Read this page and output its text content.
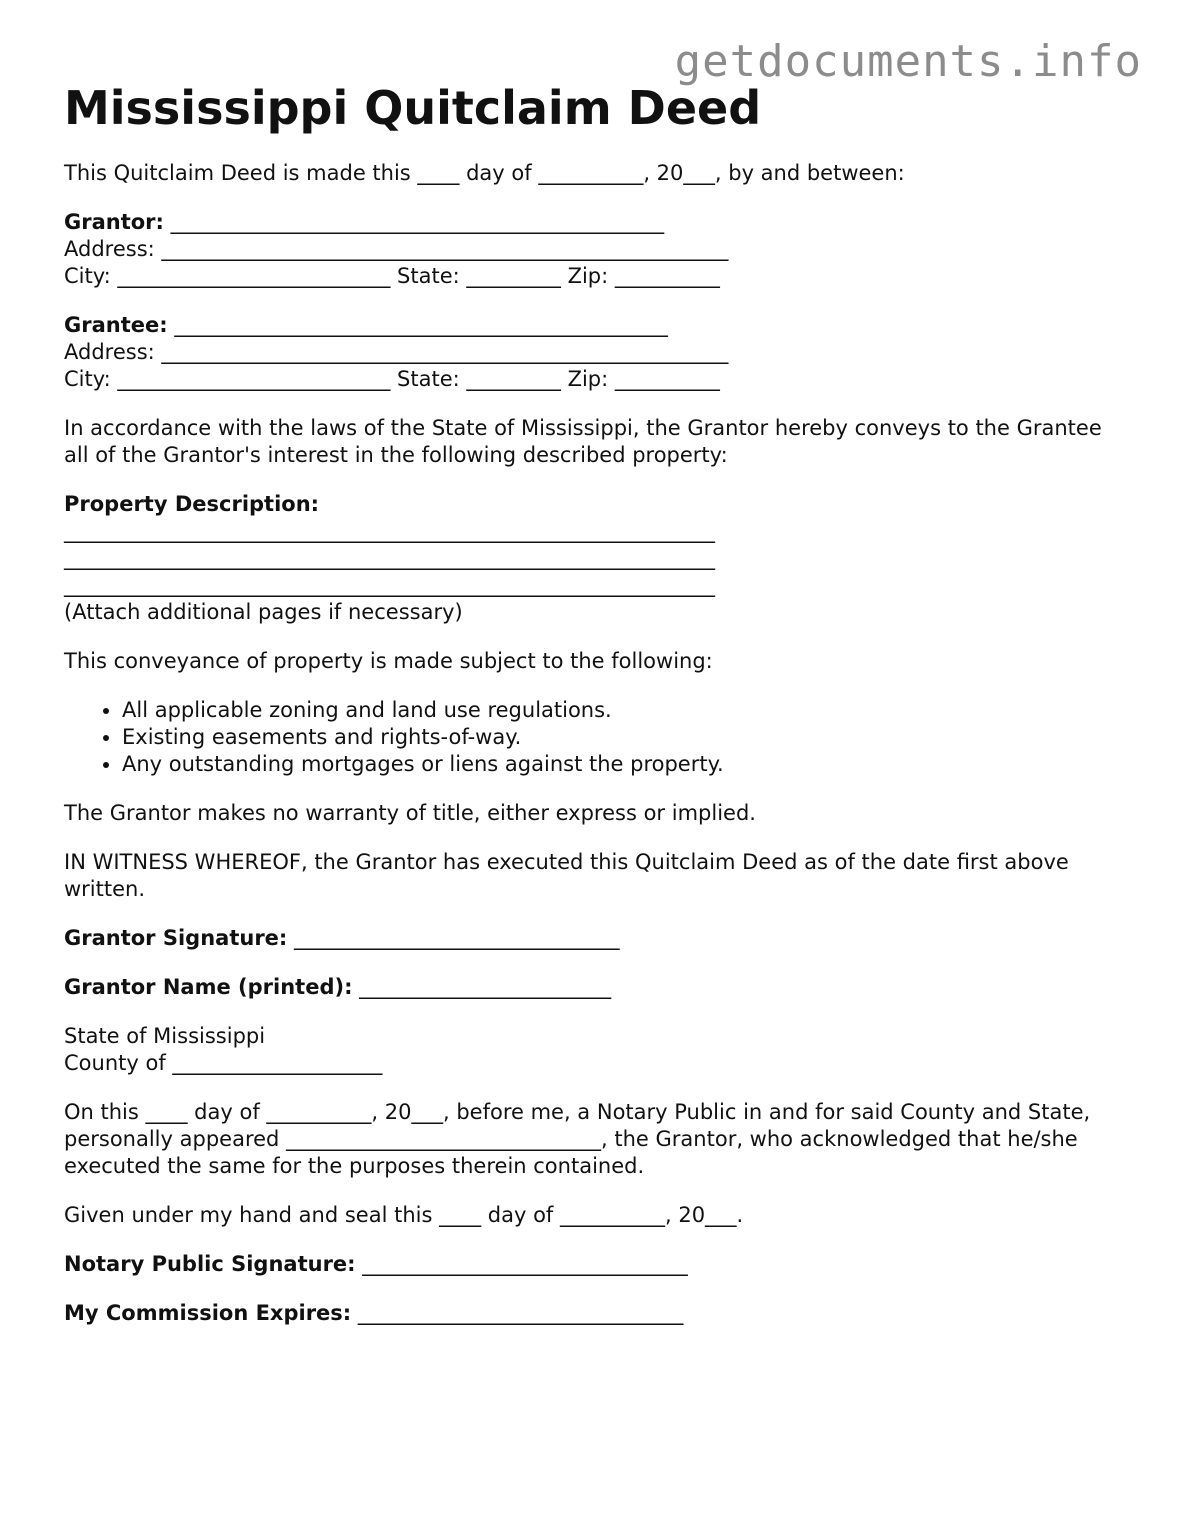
getdocuments.info
Mississippi Quitclaim Deed

This Quitclaim Deed is made this ____ day of __________, 20___, by and between:

Grantor: _______________________________________________
Address: ______________________________________________________
City: __________________________ State: _________ Zip: __________
Grantee: _______________________________________________
Address: ______________________________________________________
City: __________________________ State: _________ Zip: __________

In accordance with the laws of the State of Mississippi, the Grantor hereby conveys to the Grantee all of the Grantor's interest in the following described property:

Property Description:
______________________________________________________________
______________________________________________________________
______________________________________________________________
(Attach additional pages if necessary)

This conveyance of property is made subject to the following:

• All applicable zoning and land use regulations.
• Existing easements and rights-of-way.
• Any outstanding mortgages or liens against the property.

The Grantor makes no warranty of title, either express or implied.

IN WITNESS WHEREOF, the Grantor has executed this Quitclaim Deed as of the date first above written.

Grantor Signature: _______________________________

Grantor Name (printed): ________________________

State of Mississippi
County of ____________________

On this ____ day of __________, 20___, before me, a Notary Public in and for said County and State, personally appeared ______________________________, the Grantor, who acknowledged that he/she executed the same for the purposes therein contained.

Given under my hand and seal this ____ day of __________, 20___.

Notary Public Signature: _______________________________

My Commission Expires: _______________________________
